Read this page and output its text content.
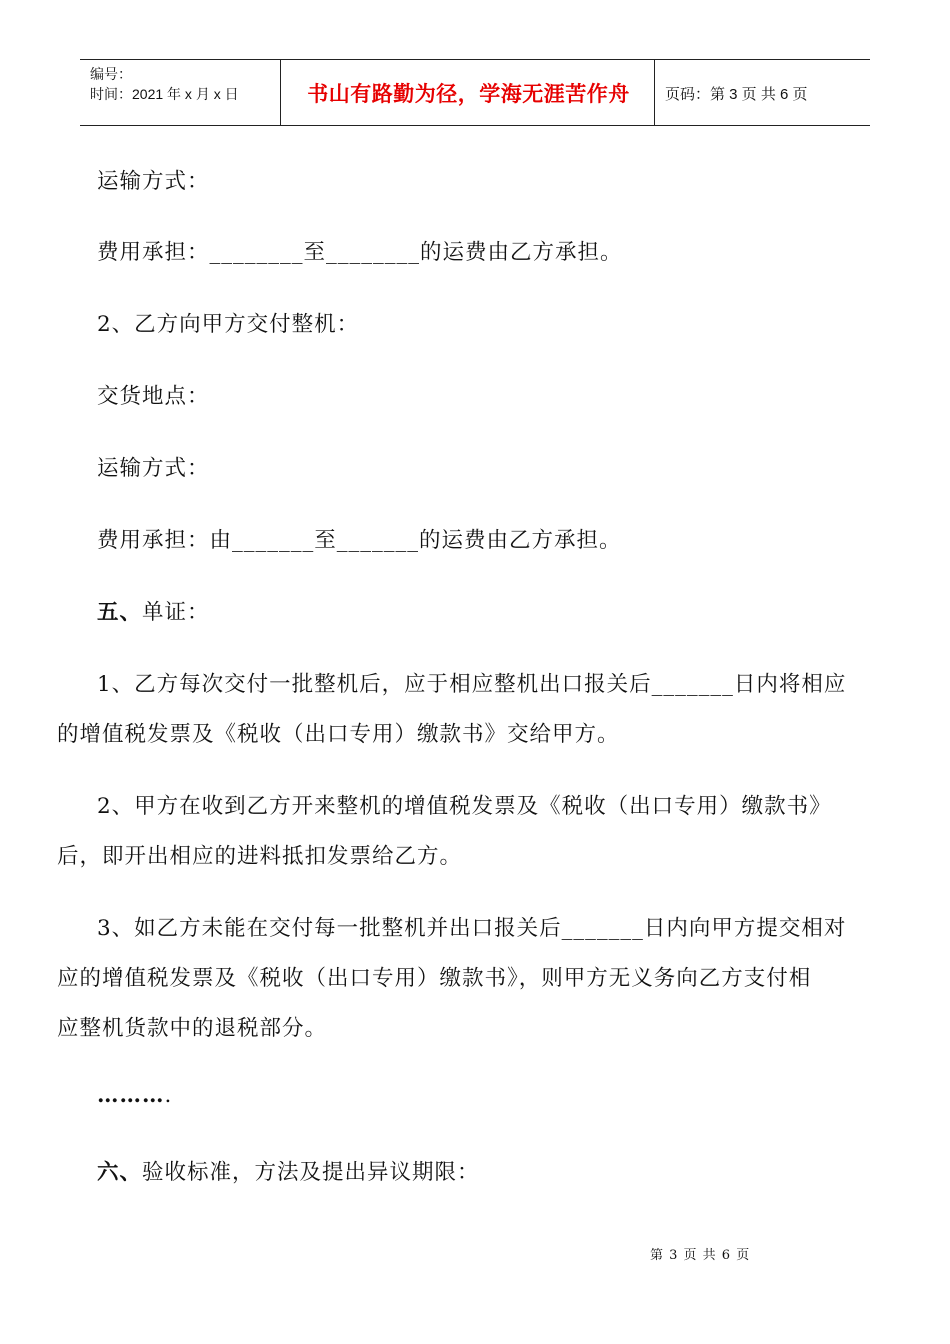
编号：
时间：2021 年 x 月 x 日	书山有路勤为径，学海无涯苦作舟	页码：第 3 页 共 6 页
运输方式：
费用承担：________至________的运费由乙方承担。
2、乙方向甲方交付整机：
交货地点：
运输方式：
费用承担：由_______至_______的运费由乙方承担。
五、单证：
1、乙方每次交付一批整机后，应于相应整机出口报关后_______日内将相应
的增值税发票及《税收（出口专用）缴款书》交给甲方。
2、甲方在收到乙方开来整机的增值税发票及《税收（出口专用）缴款书》
后，即开出相应的进料抵扣发票给乙方。
3、如乙方未能在交付每一批整机并出口报关后_______日内向甲方提交相对
应的增值税发票及《税收（出口专用）缴款书》，则甲方无义务向乙方支付相
应整机货款中的退税部分。
……….
六、验收标准，方法及提出异议期限：
第 3 页 共 6 页
